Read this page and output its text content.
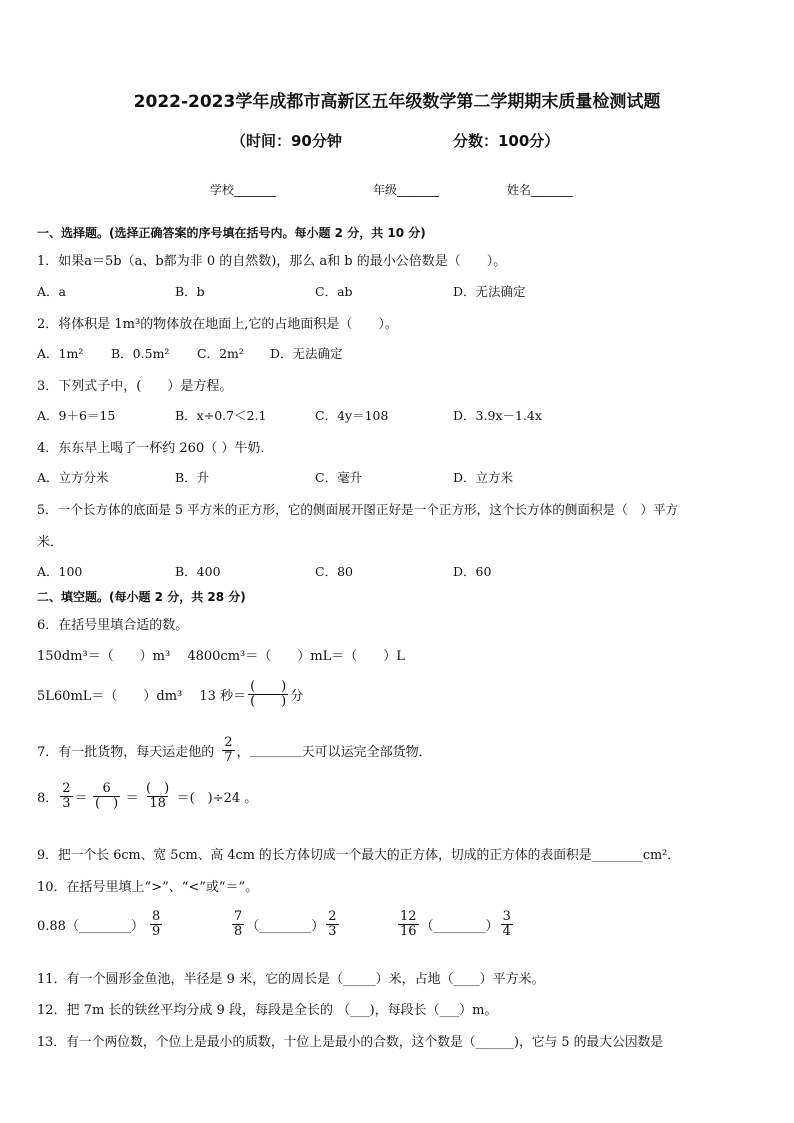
2022-2023学年成都市高新区五年级数学第二学期期末质量检测试题
（时间：90分钟	分数：100分）
学校_______	年级_______	姓名_______
一、选择题。(选择正确答案的序号填在括号内。每小题 2 分，共 10 分)
1．如果a＝5b（a、b都为非 0 的自然数)，那么 a和 b 的最小公倍数是（　　）。
A．a	B．b	C．ab	D．无法确定
2．将体积是 1m³的物体放在地面上,它的占地面积是（　　）。
A．1m² B．0.5m² C．2m² D．无法确定
3．下列式子中，(　　）是方程。
A．9＋6＝15	B．x÷0.7＜2.1	C．4y＝108	D．3.9x－1.4x
4．东东早上喝了一杯约 260（ ）牛奶．
A．立方分米	B．升	C．毫升	D．立方米
5．一个长方体的底面是 5 平方米的正方形，它的侧面展开图正好是一个正方形，这个长方体的侧面积是（　）平方
米．
A．100	B．400	C．80	D．60
二、填空题。(每小题 2 分，共 28 分)
6．在括号里填合适的数。
150dm³＝（　　）m³　 4800cm³＝（　　）mL＝（　　）L
5L60mL＝（　　）dm³　 13 秒＝ $\frac{( )}{( )}$ 分
7．有一批货物，每天运走他的 $\frac{2}{7}$ ， ________ 天可以运完全部货物．
8． $\frac{2}{3} = \frac{6}{( )} = \frac{( )}{18}$ ＝(　)÷24 。
9．把一个长 6cm、宽 5cm、高 4cm 的长方体切成一个最大的正方体，切成的正方体的表面积是________cm²．
10．在括号里填上“>”、“<”或“＝”。
0.88（________） $\frac{8}{9}$	$\frac{7}{8}$ （________） $\frac{2}{3}$	$\frac{12}{16}$ （________） $\frac{3}{4}$
11．有一个圆形金鱼池，半径是 9 米，它的周长是（_____）米，占地（____）平方米。
12．把 7m 长的铁丝平均分成 9 段，每段是全长的 （___)，每段长（___）m。
13．有一个两位数，个位上是最小的质数，十位上是最小的合数，这个数是（______)，它与 5 的最大公因数是
